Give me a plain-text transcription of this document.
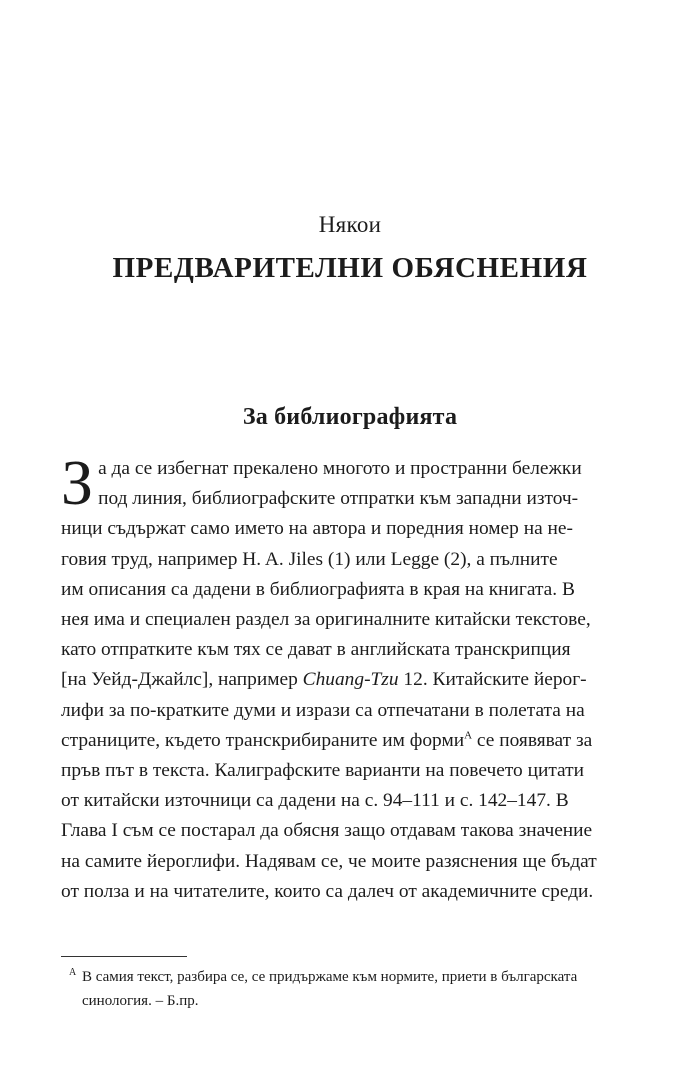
Някои
ПРЕДВАРИТЕЛНИ ОБЯСНЕНИЯ
За библиографията
З а да се избегнат прекалено многото и пространни бележки
под линия, библиографските отпратки към западни източ-
ници съдържат само името на автора и поредния номер на не-
говия труд, например H. A. Jiles (1) или Legge (2), а пълните
им описания са дадени в библиографията в края на книгата. В
нея има и специален раздел за оригиналните китайски текстове,
като отпратките към тях се дават в английската транскрипция
[на Уейд-Джайлс], например Chuang-Tzu 12. Китайските йерог-
лифи за по-кратките думи и изрази са отпечатани в полетата на
страниците, където транскрибираните им форми$^A$ се появяват за
пръв път в текста. Калиграфските варианти на повечето цитати
от китайски източници са дадени на с. 94–111 и с. 142–147. В
Глава I съм се постарал да обясня защо отдавам такова значение
на самите йероглифи. Надявам се, че моите разяснения ще бъдат
от полза и на читателите, които са далеч от академичните среди.
A В самия текст, разбира се, се придържаме към нормите, приети в българската синология. – Б.пр.
